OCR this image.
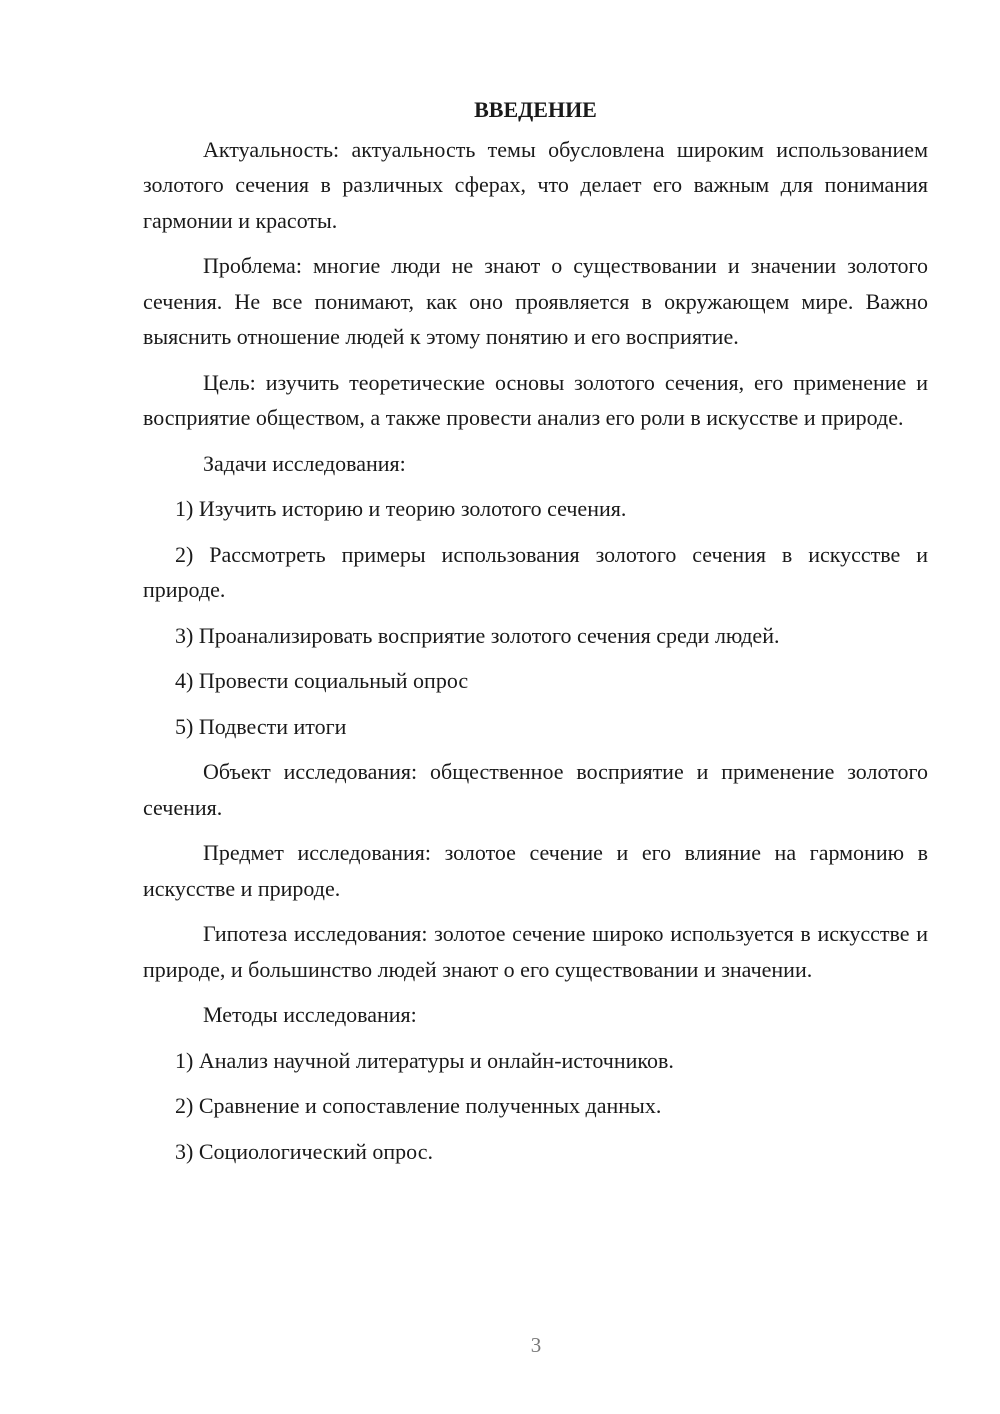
ВВЕДЕНИЕ

Актуальность: актуальность темы обусловлена широким использованием золотого сечения в различных сферах, что делает его важным для понимания гармонии и красоты.

Проблема: многие люди не знают о существовании и значении золотого сечения. Не все понимают, как оно проявляется в окружающем мире. Важно выяснить отношение людей к этому понятию и его восприятие.

Цель: изучить теоретические основы золотого сечения, его применение и восприятие обществом, а также провести анализ его роли в искусстве и природе.

Задачи исследования:

1) Изучить историю и теорию золотого сечения.

2) Рассмотреть примеры использования золотого сечения в искусстве и природе.

3) Проанализировать восприятие золотого сечения среди людей.

4) Провести социальный опрос

5) Подвести итоги

Объект исследования: общественное восприятие и применение золотого сечения.

Предмет исследования: золотое сечение и его влияние на гармонию в искусстве и природе.

Гипотеза исследования: золотое сечение широко используется в искусстве и природе, и большинство людей знают о его существовании и значении.

Методы исследования:

1) Анализ научной литературы и онлайн-источников.

2) Сравнение и сопоставление полученных данных.

3) Социологический опрос.

3
